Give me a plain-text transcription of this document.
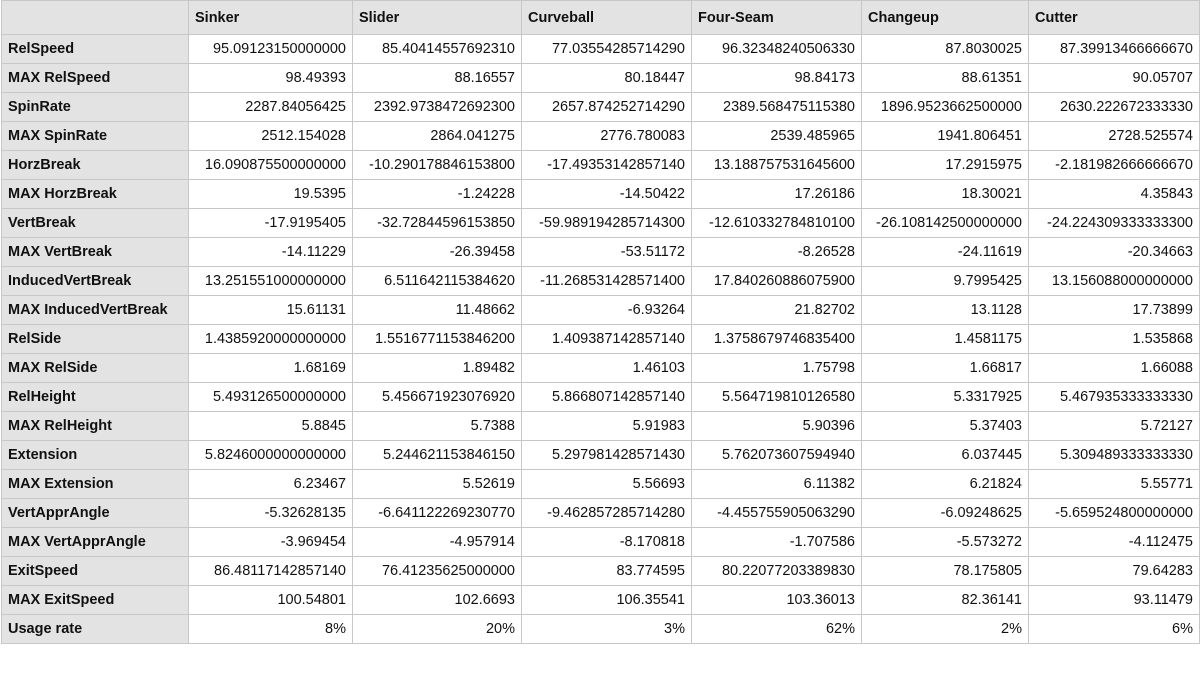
	Sinker	Slider	Curveball	Four-Seam	Changeup	Cutter
RelSpeed	95.09123150000000	85.40414557692310	77.03554285714290	96.32348240506330	87.8030025	87.39913466666670
MAX RelSpeed	98.49393	88.16557	80.18447	98.84173	88.61351	90.05707
SpinRate	2287.84056425	2392.9738472692300	2657.874252714290	2389.568475115380	1896.9523662500000	2630.222672333330
MAX SpinRate	2512.154028	2864.041275	2776.780083	2539.485965	1941.806451	2728.525574
HorzBreak	16.090875500000000	-10.290178846153800	-17.49353142857140	13.188757531645600	17.2915975	-2.181982666666670
MAX HorzBreak	19.5395	-1.24228	-14.50422	17.26186	18.30021	4.35843
VertBreak	-17.9195405	-32.72844596153850	-59.989194285714300	-12.610332784810100	-26.108142500000000	-24.224309333333300
MAX VertBreak	-14.11229	-26.39458	-53.51172	-8.26528	-24.11619	-20.34663
InducedVertBreak	13.251551000000000	6.511642115384620	-11.268531428571400	17.840260886075900	9.7995425	13.156088000000000
MAX InducedVertBreak	15.61131	11.48662	-6.93264	21.82702	13.1128	17.73899
RelSide	1.4385920000000000	1.5516771153846200	1.409387142857140	1.3758679746835400	1.4581175	1.535868
MAX RelSide	1.68169	1.89482	1.46103	1.75798	1.66817	1.66088
RelHeight	5.493126500000000	5.456671923076920	5.866807142857140	5.564719810126580	5.3317925	5.467935333333330
MAX RelHeight	5.8845	5.7388	5.91983	5.90396	5.37403	5.72127
Extension	5.8246000000000000	5.244621153846150	5.297981428571430	5.762073607594940	6.037445	5.309489333333330
MAX Extension	6.23467	5.52619	5.56693	6.11382	6.21824	5.55771
VertApprAngle	-5.32628135	-6.641122269230770	-9.462857285714280	-4.455755905063290	-6.09248625	-5.659524800000000
MAX VertApprAngle	-3.969454	-4.957914	-8.170818	-1.707586	-5.573272	-4.112475
ExitSpeed	86.48117142857140	76.41235625000000	83.774595	80.22077203389830	78.175805	79.64283
MAX ExitSpeed	100.54801	102.6693	106.35541	103.36013	82.36141	93.11479
Usage rate	8%	20%	3%	62%	2%	6%
